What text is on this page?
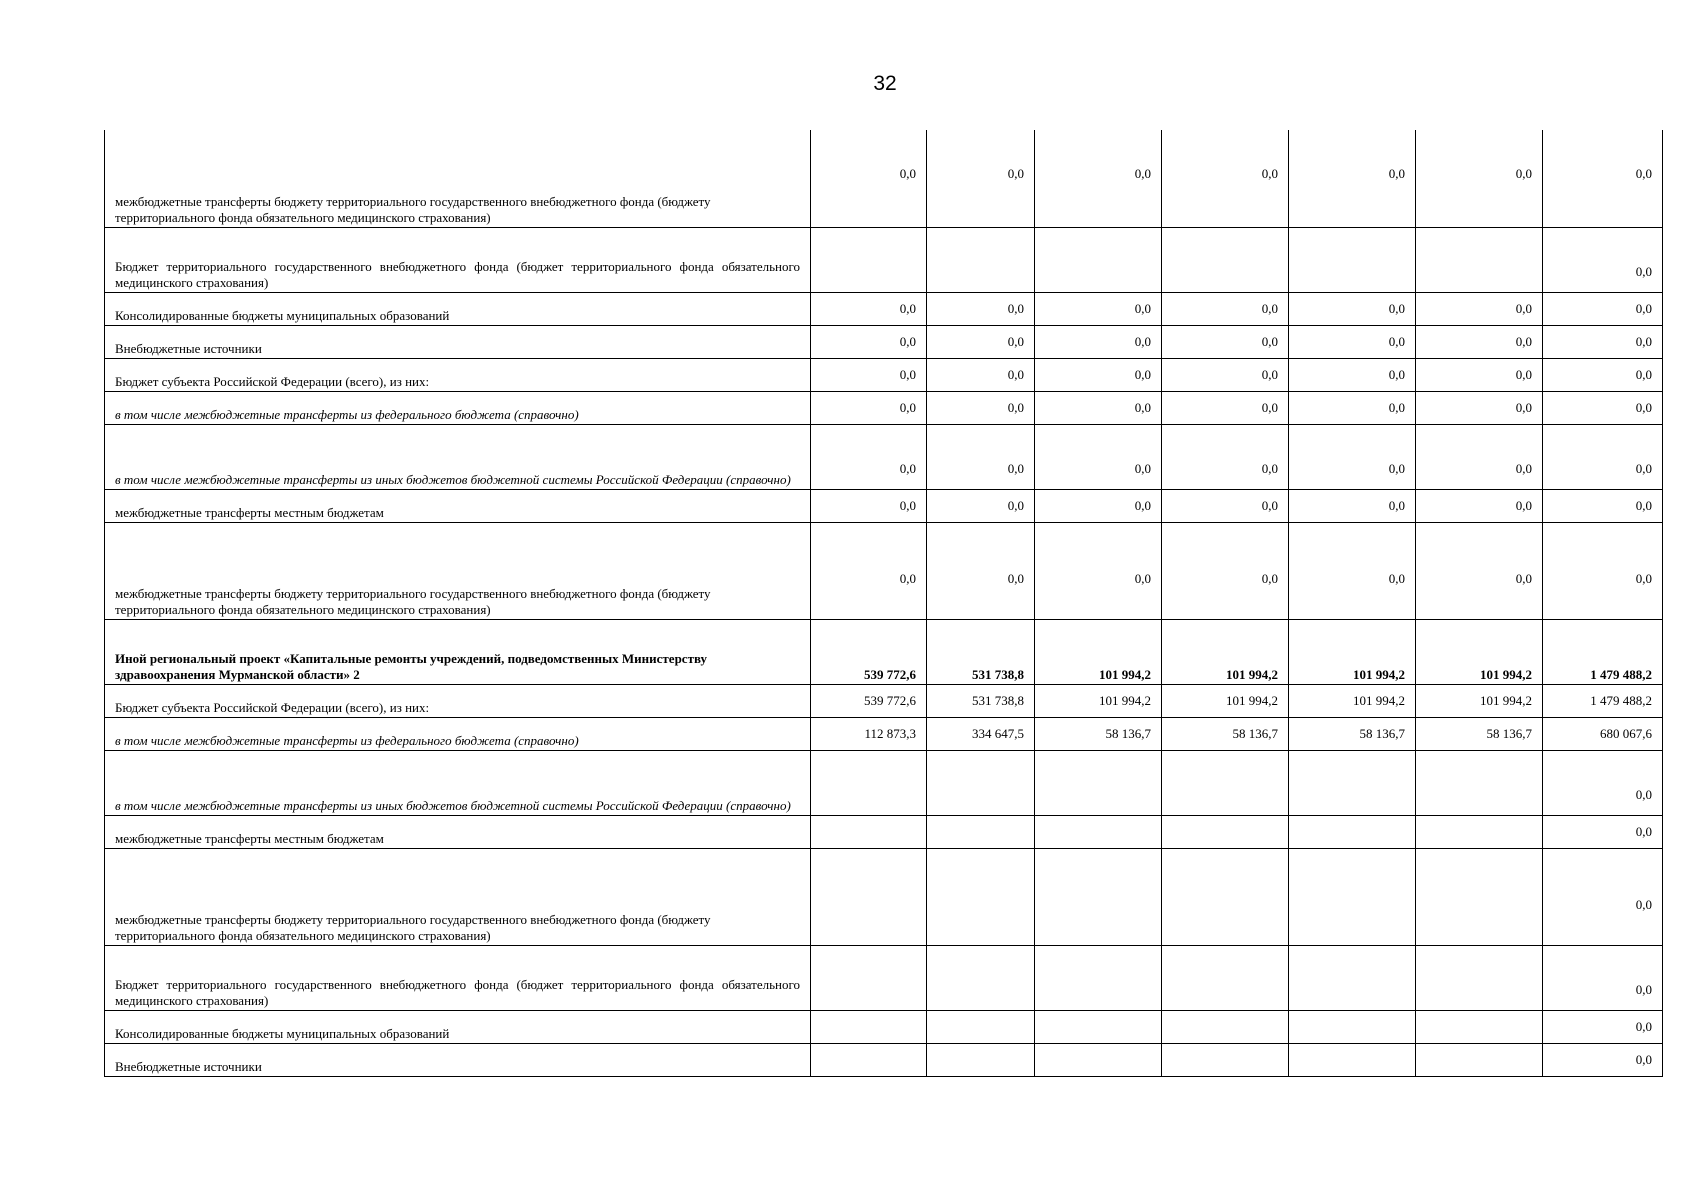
32
межбюджетные трансферты бюджету территориального государственного внебюджетного фонда (бюджету территориального фонда обязательного медицинского страхования)	0,0	0,0	0,0	0,0	0,0	0,0	0,0
Бюджет территориального государственного внебюджетного фонда (бюджет территориального фонда обязательного медицинского страхования)							0,0
Консолидированные бюджеты муниципальных образований	0,0	0,0	0,0	0,0	0,0	0,0	0,0
Внебюджетные источники	0,0	0,0	0,0	0,0	0,0	0,0	0,0
Бюджет субъекта Российской Федерации (всего), из них:	0,0	0,0	0,0	0,0	0,0	0,0	0,0
в том числе межбюджетные трансферты из федерального бюджета (справочно)	0,0	0,0	0,0	0,0	0,0	0,0	0,0
в том числе межбюджетные трансферты из иных бюджетов бюджетной системы Российской Федерации (справочно)	0,0	0,0	0,0	0,0	0,0	0,0	0,0
межбюджетные трансферты местным бюджетам	0,0	0,0	0,0	0,0	0,0	0,0	0,0
межбюджетные трансферты бюджету территориального государственного внебюджетного фонда (бюджету территориального фонда обязательного медицинского страхования)	0,0	0,0	0,0	0,0	0,0	0,0	0,0
Иной региональный проект «Капитальные ремонты учреждений, подведомственных Министерству здравоохранения Мурманской области» 2	539 772,6	531 738,8	101 994,2	101 994,2	101 994,2	101 994,2	1 479 488,2
Бюджет субъекта Российской Федерации (всего), из них:	539 772,6	531 738,8	101 994,2	101 994,2	101 994,2	101 994,2	1 479 488,2
в том числе межбюджетные трансферты из федерального бюджета (справочно)	112 873,3	334 647,5	58 136,7	58 136,7	58 136,7	58 136,7	680 067,6
в том числе межбюджетные трансферты из иных бюджетов бюджетной системы Российской Федерации (справочно)							0,0
межбюджетные трансферты местным бюджетам							0,0
межбюджетные трансферты бюджету территориального государственного внебюджетного фонда (бюджету территориального фонда обязательного медицинского страхования)							0,0
Бюджет территориального государственного внебюджетного фонда (бюджет территориального фонда обязательного медицинского страхования)							0,0
Консолидированные бюджеты муниципальных образований							0,0
Внебюджетные источники							0,0
